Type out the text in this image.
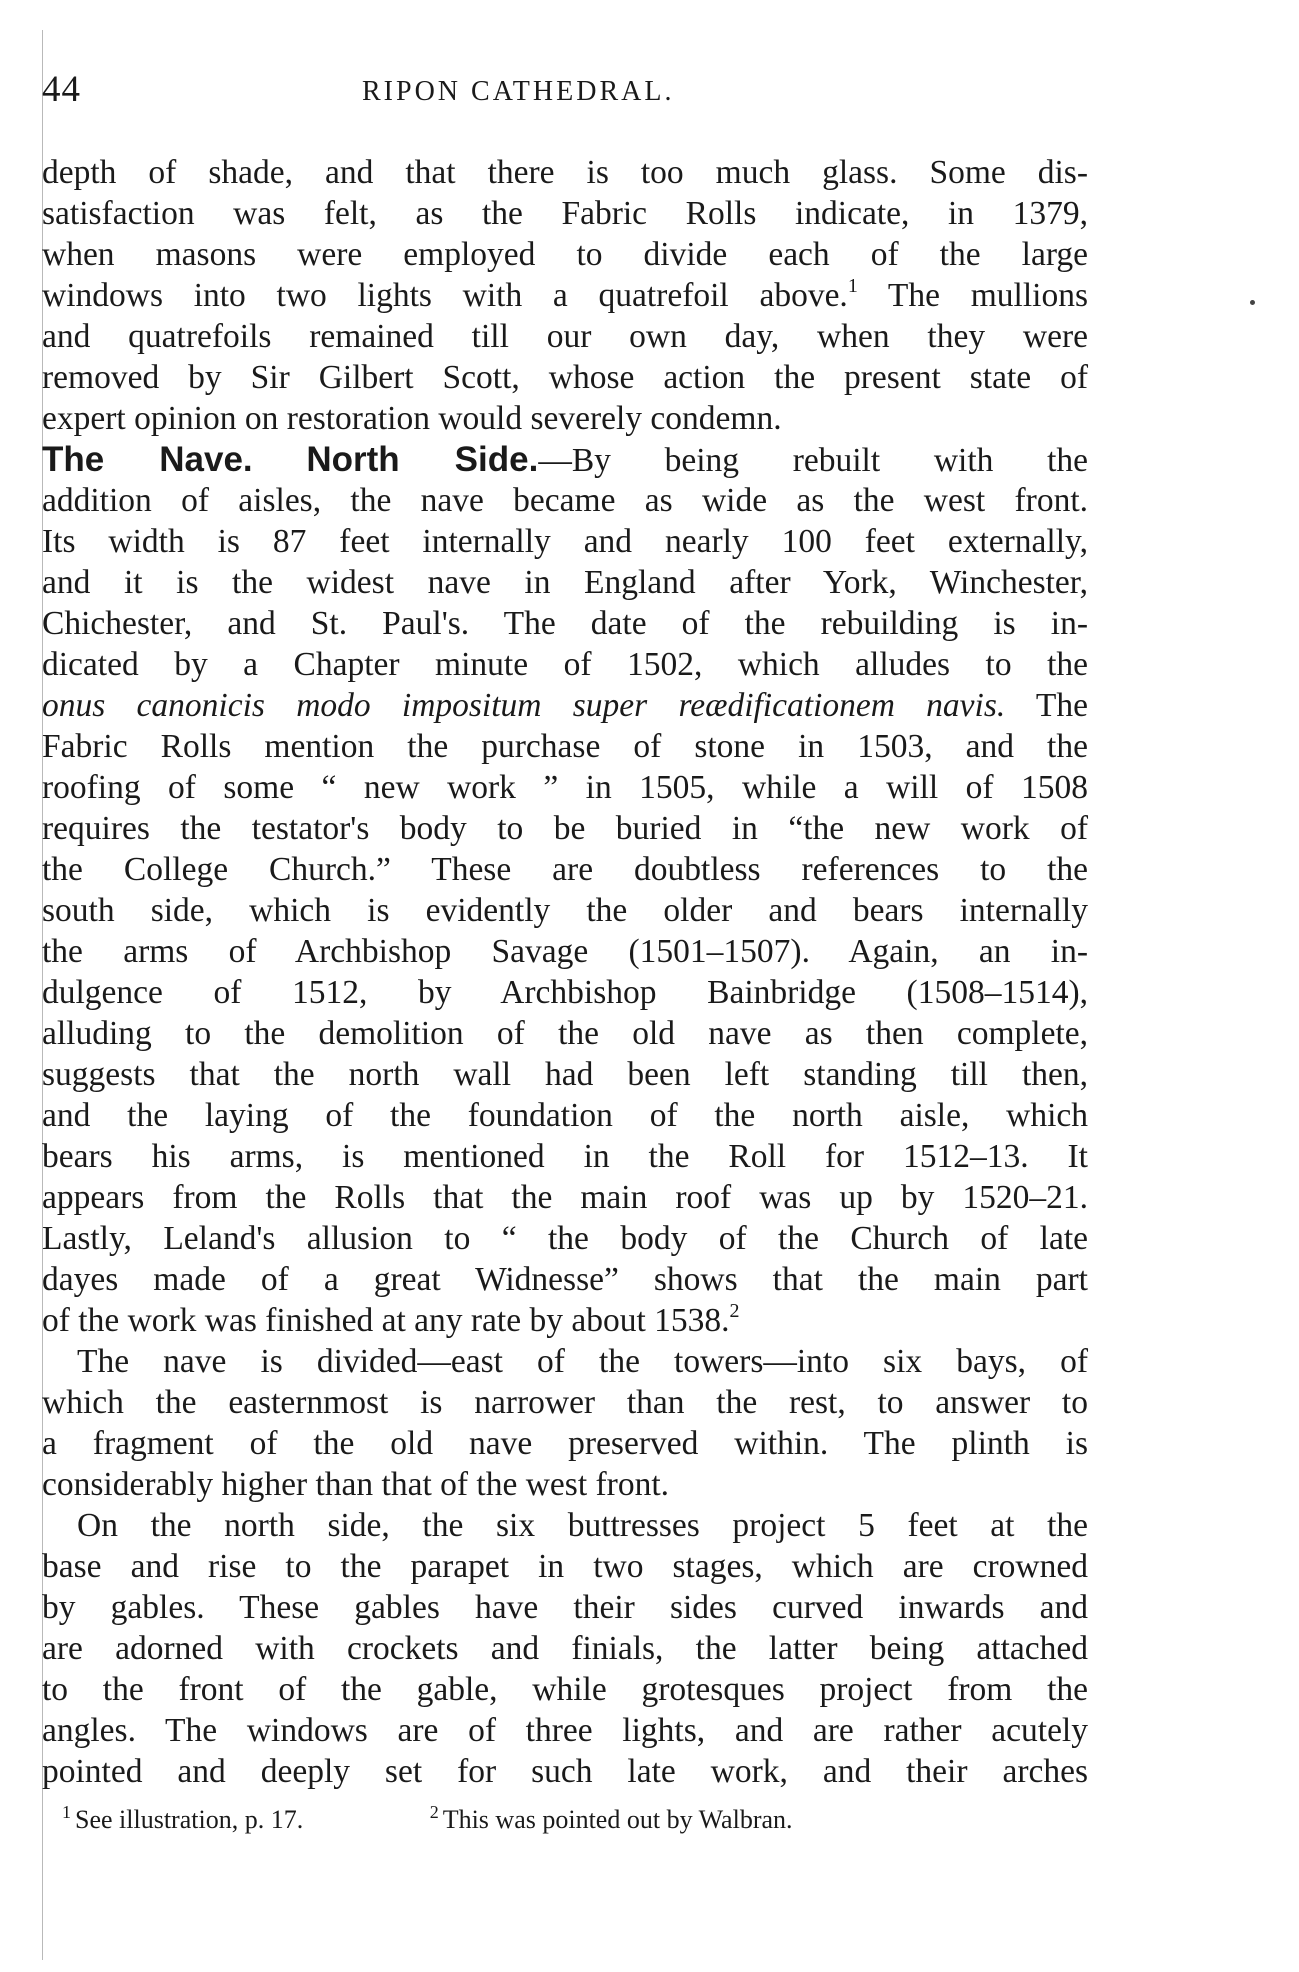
44	RIPON CATHEDRAL.
depth of shade, and that there is too much glass. Some dis-
satisfaction was felt, as the Fabric Rolls indicate, in 1379,
when masons were employed to divide each of the large
windows into two lights with a quatrefoil above.$^1$ The mullions
and quatrefoils remained till our own day, when they were
removed by Sir Gilbert Scott, whose action the present state of
expert opinion on restoration would severely condemn.
The Nave. North Side.—By being rebuilt with the
addition of aisles, the nave became as wide as the west front.
Its width is 87 feet internally and nearly 100 feet externally,
and it is the widest nave in England after York, Winchester,
Chichester, and St. Paul's. The date of the rebuilding is in-
dicated by a Chapter minute of 1502, which alludes to the
onus canonicis modo impositum super reædificationem navis. The
Fabric Rolls mention the purchase of stone in 1503, and the
roofing of some “ new work ” in 1505, while a will of 1508
requires the testator's body to be buried in “the new work of
the College Church.” These are doubtless references to the
south side, which is evidently the older and bears internally
the arms of Archbishop Savage (1501–1507). Again, an in-
dulgence of 1512, by Archbishop Bainbridge (1508–1514),
alluding to the demolition of the old nave as then complete,
suggests that the north wall had been left standing till then,
and the laying of the foundation of the north aisle, which
bears his arms, is mentioned in the Roll for 1512–13. It
appears from the Rolls that the main roof was up by 1520–21.
Lastly, Leland's allusion to “ the body of the Church of late
dayes made of a great Widnesse” shows that the main part
of the work was finished at any rate by about 1538.$^2$
The nave is divided—east of the towers—into six bays, of
which the easternmost is narrower than the rest, to answer to
a fragment of the old nave preserved within. The plinth is
considerably higher than that of the west front.
On the north side, the six buttresses project 5 feet at the
base and rise to the parapet in two stages, which are crowned
by gables. These gables have their sides curved inwards and
are adorned with crockets and finials, the latter being attached
to the front of the gable, while grotesques project from the
angles. The windows are of three lights, and are rather acutely
pointed and deeply set for such late work, and their arches
$^1$ See illustration, p. 17.	$^2$ This was pointed out by Walbran.
